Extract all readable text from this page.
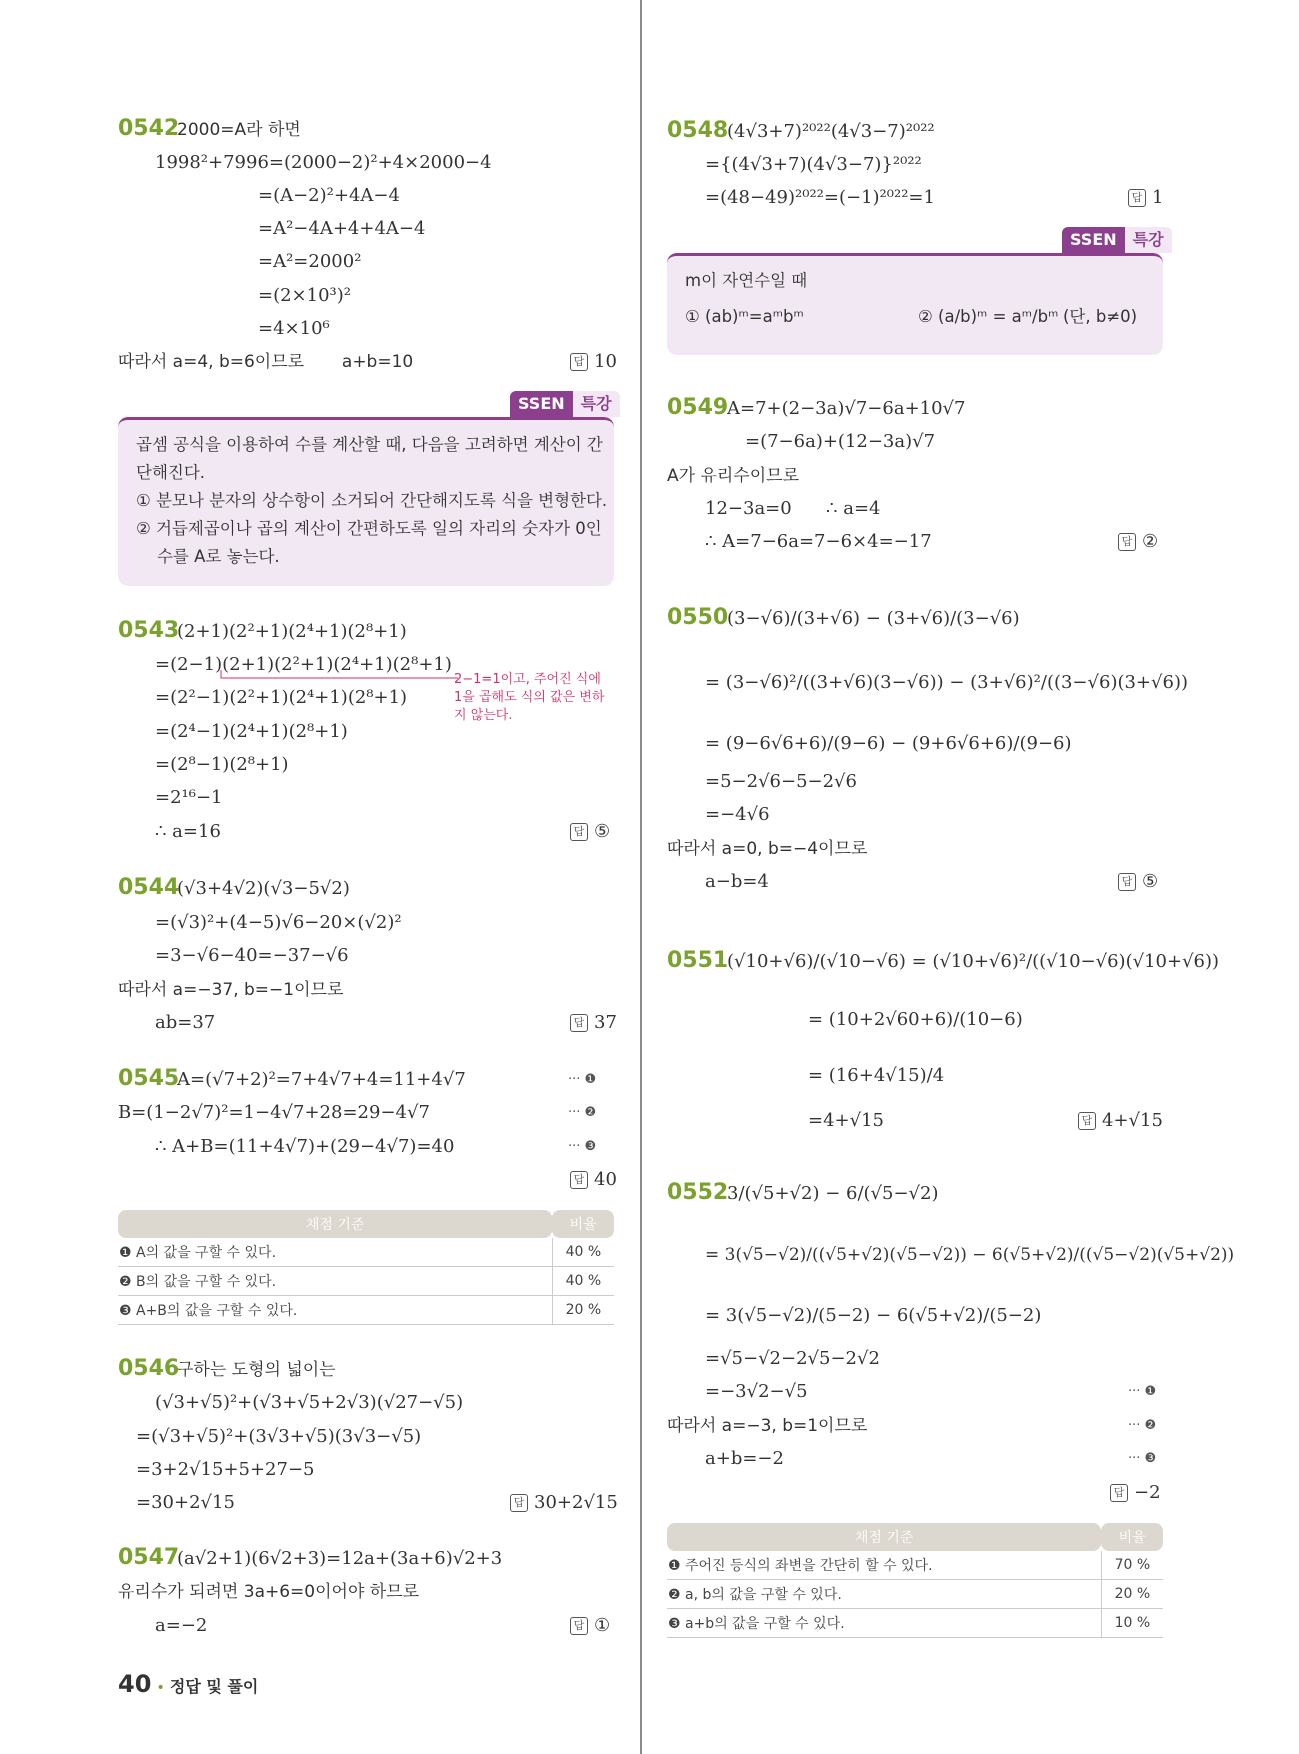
0542
2000=A라 하면
1998²+7996=(2000−2)²+4×2000−4
=(A−2)²+4A−4
=A²−4A+4+4A−4
=A²=2000²
=(2×10³)²
=4×10⁶
따라서 a=4, b=6이므로       a+b=10	답 10
SSEN	특강
곱셈 공식을 이용하여 수를 계산할 때, 다음을 고려하면 계산이 간
단해진다.
① 분모나 분자의 상수항이 소거되어 간단해지도록 식을 변형한다.
② 거듭제곱이나 곱의 계산이 간편하도록 일의 자리의 숫자가 0인
수를 A로 놓는다.
0543
(2+1)(2²+1)(2⁴+1)(2⁸+1)
=(2−1)(2+1)(2²+1)(2⁴+1)(2⁸+1)
=(2²−1)(2²+1)(2⁴+1)(2⁸+1)
=(2⁴−1)(2⁴+1)(2⁸+1)
=(2⁸−1)(2⁸+1)
=2¹⁶−1
∴ a=16
2−1=1이고, 주어진 식에
1을 곱해도 식의 값은 변하
지 않는다.
답 ⑤
0544
(√3+4√2)(√3−5√2)
=(√3)²+(4−5)√6−20×(√2)²
=3−√6−40=−37−√6
따라서 a=−37, b=−1이므로
ab=37	답 37
0545
A=(√7+2)²=7+4√7+4=11+4√7
B=(1−2√7)²=1−4√7+28=29−4√7
∴ A+B=(11+4√7)+(29−4√7)=40
··· ❶
··· ❷
··· ❸
답 40
채점 기준	비율
❶ A의 값을 구할 수 있다.	40 %
❷ B의 값을 구할 수 있다.	40 %
❸ A+B의 값을 구할 수 있다.	20 %
0546
구하는 도형의 넓이는
(√3+√5)²+(√3+√5+2√3)(√27−√5)
=(√3+√5)²+(3√3+√5)(3√3−√5)
=3+2√15+5+27−5
=30+2√15	답 30+2√15
0547
(a√2+1)(6√2+3)=12a+(3a+6)√2+3
유리수가 되려면 3a+6=0이어야 하므로
a=−2	답 ①
40 • 정답 및 풀이
0548
(4√3+7)²⁰²²(4√3−7)²⁰²²
={(4√3+7)(4√3−7)}²⁰²²
=(48−49)²⁰²²=(−1)²⁰²²=1	답 1
SSEN	특강
m이 자연수일 때
① (ab)ᵐ=aᵐbᵐ	② (a/b)ᵐ = aᵐ/bᵐ (단, b≠0)
0549
A=7+(2−3a)√7−6a+10√7
=(7−6a)+(12−3a)√7
A가 유리수이므로
12−3a=0      ∴ a=4
∴ A=7−6a=7−6×4=−17	답 ②
0550
(3−√6)/(3+√6) − (3+√6)/(3−√6)
= (3−√6)²/((3+√6)(3−√6)) − (3+√6)²/((3−√6)(3+√6))
= (9−6√6+6)/(9−6) − (9+6√6+6)/(9−6)
=5−2√6−5−2√6
=−4√6
따라서 a=0, b=−4이므로
a−b=4	답 ⑤
0551
(√10+√6)/(√10−√6) = (√10+√6)²/((√10−√6)(√10+√6))
= (10+2√60+6)/(10−6)
= (16+4√15)/4
=4+√15	답 4+√15
0552
3/(√5+√2) − 6/(√5−√2)
= 3(√5−√2)/((√5+√2)(√5−√2)) − 6(√5+√2)/((√5−√2)(√5+√2))
= 3(√5−√2)/(5−2) − 6(√5+√2)/(5−2)
=√5−√2−2√5−2√2
=−3√2−√5
따라서 a=−3, b=1이므로
a+b=−2
··· ❶
··· ❷
··· ❸
답 −2
채점 기준	비율
❶ 주어진 등식의 좌변을 간단히 할 수 있다.	70 %
❷ a, b의 값을 구할 수 있다.	20 %
❸ a+b의 값을 구할 수 있다.	10 %
